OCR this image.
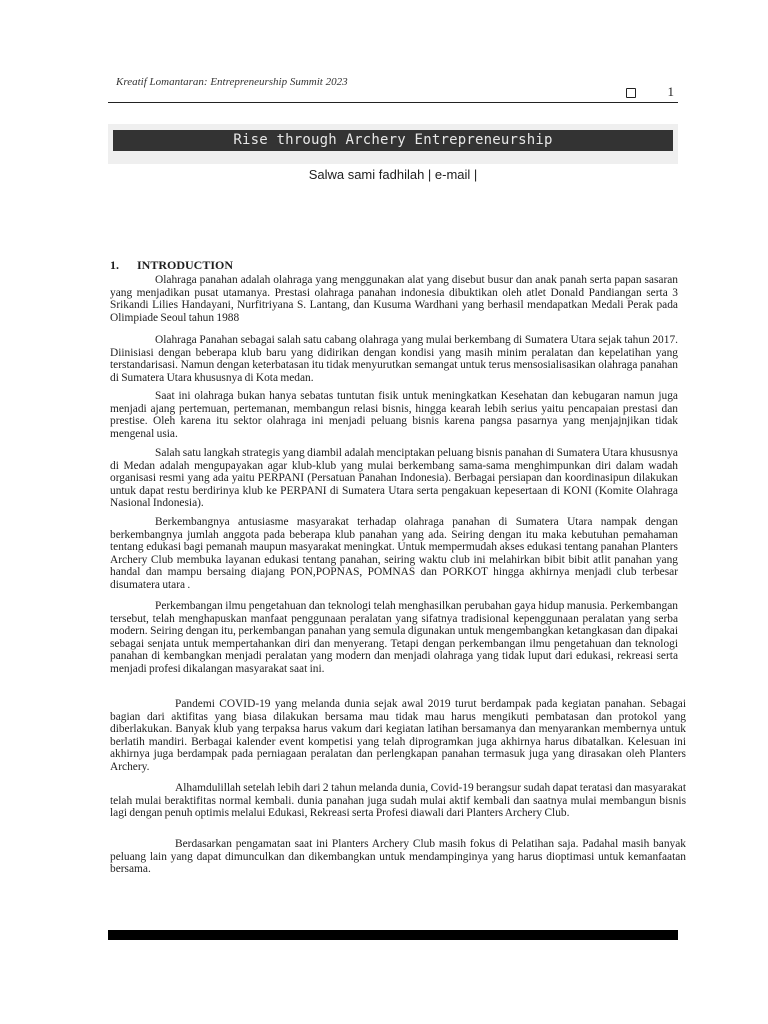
Kreatif Lomantaran: Entrepreneurship Summit 2023
1
Rise through Archery Entrepreneurship
Salwa sami fadhilah | e-mail |
1. INTRODUCTION

Olahraga panahan adalah olahraga yang menggunakan alat yang disebut busur dan anak panah serta papan sasaran yang menjadikan pusat utamanya. Prestasi olahraga panahan indonesia dibuktikan oleh atlet Donald Pandiangan serta 3 Srikandi Lilies Handayani, Nurfitriyana S. Lantang, dan Kusuma Wardhani yang berhasil mendapatkan Medali Perak pada Olimpiade Seoul tahun 1988

Olahraga Panahan sebagai salah satu cabang olahraga yang mulai berkembang di Sumatera Utara sejak tahun 2017. Diinisiasi dengan beberapa klub baru yang didirikan dengan kondisi yang masih minim peralatan dan kepelatihan yang terstandarisasi. Namun dengan keterbatasan itu tidak menyurutkan semangat untuk terus mensosialisasikan olahraga panahan di Sumatera Utara khususnya di Kota medan.

Saat ini olahraga bukan hanya sebatas tuntutan fisik untuk meningkatkan Kesehatan dan kebugaran namun juga menjadi ajang pertemuan, pertemanan, membangun relasi bisnis, hingga kearah lebih serius yaitu pencapaian prestasi dan prestise. Oleh karena itu sektor olahraga ini menjadi peluang bisnis karena pangsa pasarnya yang menjajnjikan tidak mengenal usia.

Salah satu langkah strategis yang diambil adalah menciptakan peluang bisnis panahan di Sumatera Utara khususnya di Medan adalah mengupayakan agar klub-klub yang mulai berkembang sama-sama menghimpunkan diri dalam wadah organisasi resmi yang ada yaitu PERPANI (Persatuan Panahan Indonesia). Berbagai persiapan dan koordinasipun dilakukan untuk dapat restu berdirinya klub ke PERPANI di Sumatera Utara serta pengakuan kepesertaan di KONI (Komite Olahraga Nasional Indonesia).

Berkembangnya antusiasme masyarakat terhadap olahraga panahan di Sumatera Utara nampak dengan berkembangnya jumlah anggota pada beberapa klub panahan yang ada. Seiring dengan itu maka kebutuhan pemahaman tentang edukasi bagi pemanah maupun masyarakat meningkat. Untuk mempermudah akses edukasi tentang panahan Planters Archery Club membuka layanan edukasi tentang panahan, seiring waktu club ini melahirkan bibit bibit atlit panahan yang handal dan mampu bersaing diajang PON,POPNAS, POMNAS dan PORKOT hingga akhirnya menjadi club terbesar disumatera utara .

Perkembangan ilmu pengetahuan dan teknologi telah menghasilkan perubahan gaya hidup manusia. Perkembangan tersebut, telah menghapuskan manfaat penggunaan peralatan yang sifatnya tradisional kepenggunaan peralatan yang serba modern. Seiring dengan itu, perkembangan panahan yang semula digunakan untuk mengembangkan ketangkasan dan dipakai sebagai senjata untuk mempertahankan diri dan menyerang. Tetapi dengan perkembangan ilmu pengetahuan dan teknologi panahan di kembangkan menjadi peralatan yang modern dan menjadi olahraga yang tidak luput dari edukasi, rekreasi serta menjadi profesi dikalangan masyarakat saat ini.

Pandemi COVID-19 yang melanda dunia sejak awal 2019 turut berdampak pada kegiatan panahan. Sebagai bagian dari aktifitas yang biasa dilakukan bersama mau tidak mau harus mengikuti pembatasan dan protokol yang diberlakukan. Banyak klub yang terpaksa harus vakum dari kegiatan latihan bersamanya dan menyarankan membernya untuk berlatih mandiri. Berbagai kalender event kompetisi yang telah diprogramkan juga akhirnya harus dibatalkan. Kelesuan ini akhirnya juga berdampak pada perniagaan peralatan dan perlengkapan panahan termasuk juga yang dirasakan oleh Planters Archery.

Alhamdulillah setelah lebih dari 2 tahun melanda dunia, Covid-19 berangsur sudah dapat teratasi dan masyarakat telah mulai beraktifitas normal kembali. dunia panahan juga sudah mulai aktif kembali dan saatnya mulai membangun bisnis lagi dengan penuh optimis melalui Edukasi, Rekreasi serta Profesi diawali dari Planters Archery Club.

Berdasarkan pengamatan saat ini Planters Archery Club masih fokus di Pelatihan saja. Padahal masih banyak peluang lain yang dapat dimunculkan dan dikembangkan untuk mendampinginya yang harus dioptimasi untuk kemanfaatan bersama.
